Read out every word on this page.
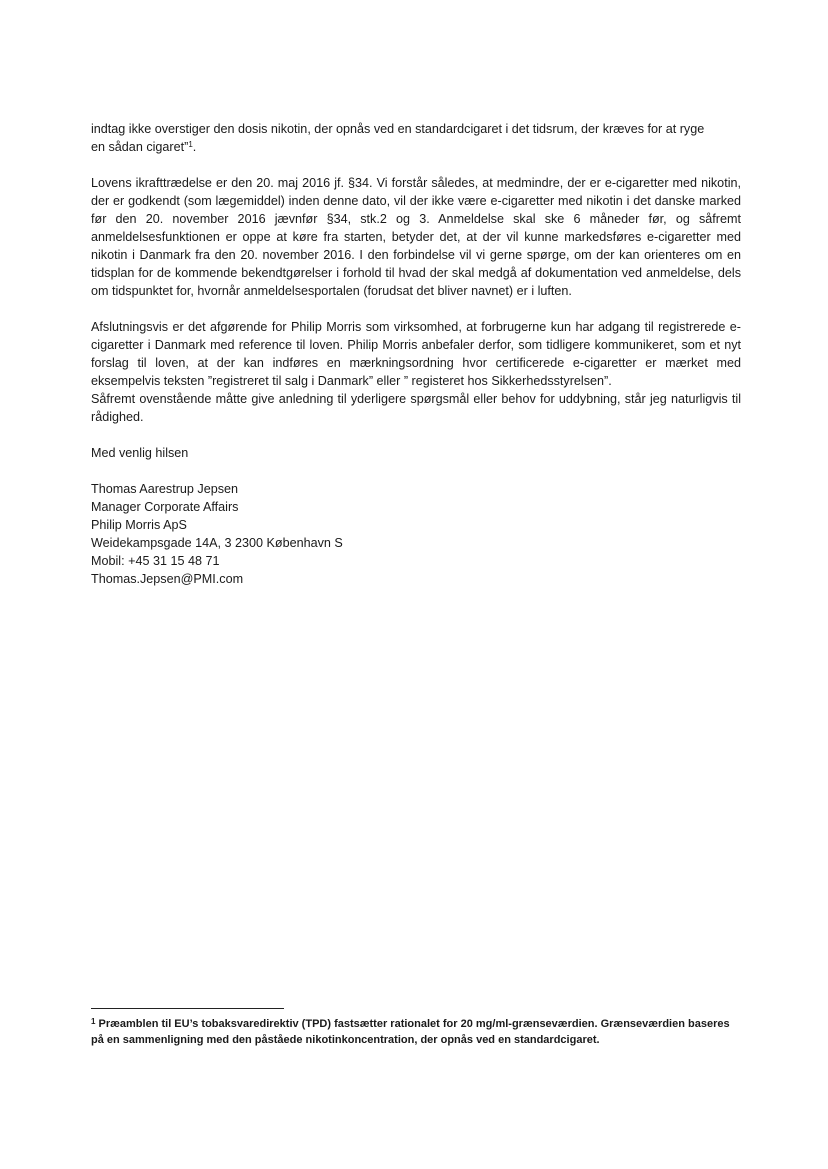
indtag ikke overstiger den dosis nikotin, der opnås ved en standardcigaret i det tidsrum, der kræves for at ryge
en sådan cigaret”$^1$.

Lovens ikrafttrædelse er den 20. maj 2016 jf. §34. Vi forstår således, at medmindre, der er e-cigaretter med nikotin, der er godkendt (som lægemiddel) inden denne dato, vil der ikke være e-cigaretter med nikotin i det danske marked før den 20. november 2016 jævnfør §34, stk.2 og 3. Anmeldelse skal ske 6 måneder før, og såfremt anmeldelsesfunktionen er oppe at køre fra starten, betyder det, at der vil kunne markedsføres e-cigaretter med nikotin i Danmark fra den 20. november 2016. I den forbindelse vil vi gerne spørge, om der kan orienteres om en tidsplan for de kommende bekendtgørelser i forhold til hvad der skal medgå af dokumentation ved anmeldelse, dels om tidspunktet for, hvornår anmeldelsesportalen (forudsat det bliver navnet) er i luften.

Afslutningsvis er det afgørende for Philip Morris som virksomhed, at forbrugerne kun har adgang til registrerede e-cigaretter i Danmark med reference til loven. Philip Morris anbefaler derfor, som tidligere kommunikeret, som et nyt forslag til loven, at der kan indføres en mærkningsordning hvor certificerede e-cigaretter er mærket med eksempelvis teksten ”registreret til salg i Danmark” eller ” registeret hos Sikkerhedsstyrelsen”.

Såfremt ovenstående måtte give anledning til yderligere spørgsmål eller behov for uddybning, står jeg naturligvis til rådighed.

Med venlig hilsen

Thomas Aarestrup Jepsen
Manager Corporate Affairs
Philip Morris ApS
Weidekampsgade 14A, 3 2300 København S
Mobil: +45 31 15 48 71
Thomas.Jepsen@PMI.com

$^1$ Præamblen til EU’s tobaksvaredirektiv (TPD) fastsætter rationalet for 20 mg/ml-grænseværdien. Grænseværdien baseres på en sammenligning med den påståede nikotinkoncentration, der opnås ved en standardcigaret.
